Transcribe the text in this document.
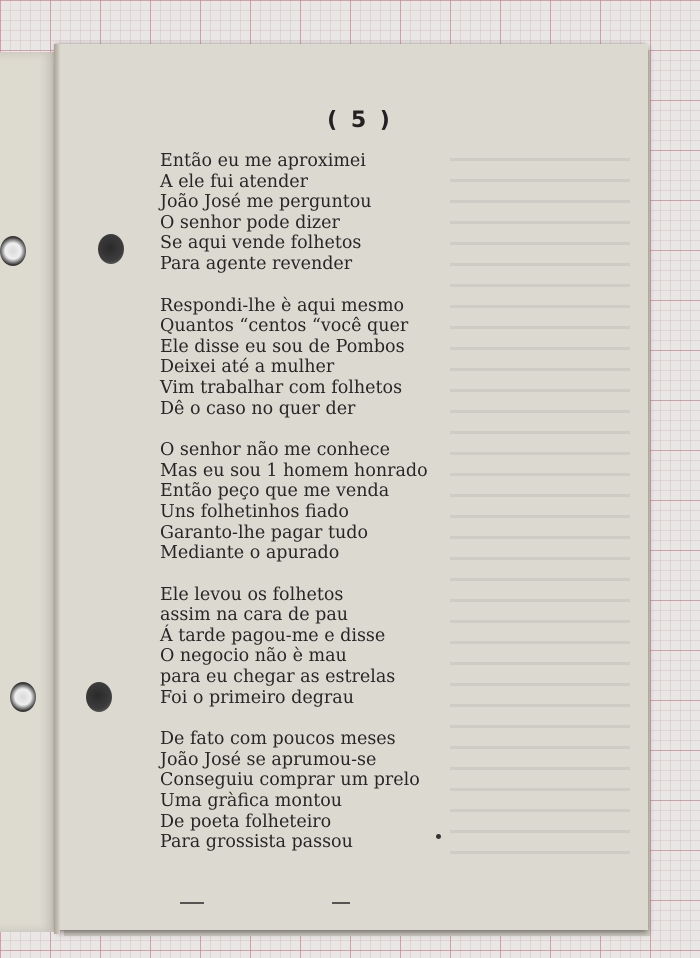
( 5 )
Então eu me aproximei
A ele fui atender
João José me perguntou
O senhor pode dizer
Se aqui vende folhetos
Para agente revender
Respondi-lhe è aqui mesmo
Quantos “centos “você quer
Ele disse eu sou de Pombos
Deixei até a mulher
Vim trabalhar com folhetos
Dê o caso no quer der
O senhor não me conhece
Mas eu sou 1 homem honrado
Então peço que me venda
Uns folhetinhos fiado
Garanto-lhe pagar tudo
Mediante o apurado
Ele levou os folhetos
assim na cara de pau
Á tarde pagou-me e disse
O negocio não è mau
para eu chegar as estrelas
Foi o primeiro degrau
De fato com poucos meses
João José se aprumou-se
Conseguiu comprar um prelo
Uma gràfica montou
De poeta folheteiro
Para grossista passou
